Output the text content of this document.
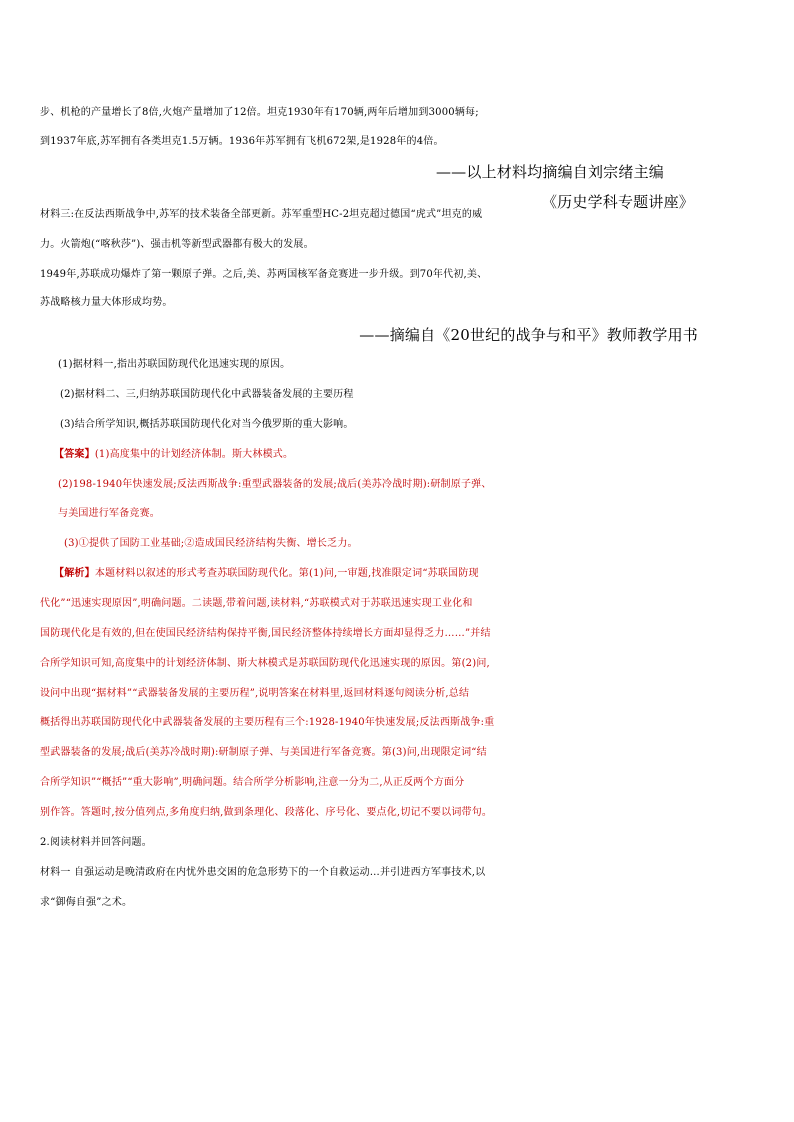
步、机枪的产量增长了8倍,火炮产量增加了12倍。坦克1930年有170辆,两年后增加到3000辆每;
到1937年底,苏军拥有各类坦克1.5万辆。1936年苏军拥有飞机672架,是1928年的4倍。
——以上材料均摘编自刘宗绪主编
《历史学科专题讲座》
材料三:在反法西斯战争中,苏军的技术装备全部更新。苏军重型HC-2坦克超过德国“虎式”坦克的威
力。火箭炮(“喀秋莎”)、强击机等新型武器都有极大的发展。
1949年,苏联成功爆炸了第一颗原子弹。之后,美、苏两国核军备竞赛进一步升级。到70年代初,美、
苏战略核力量大体形成均势。
——摘编自《20世纪的战争与和平》教师教学用书
(1)据材料一,指出苏联国防现代化迅速实现的原因。
(2)据材料二、三,归纳苏联国防现代化中武器装备发展的主要历程
(3)结合所学知识,概括苏联国防现代化对当今俄罗斯的重大影响。
【答案】(1)高度集中的计划经济体制。斯大林模式。
(2)198-1940年快速发展;反法西斯战争:重型武器装备的发展;战后(美苏冷战时期):研制原子弹、
与美国进行军备竞赛。
(3)①提供了国防工业基础;②造成国民经济结构失衡、增长乏力。
【解析】本题材料以叙述的形式考查苏联国防现代化。第(1)问,一审题,找准限定词“苏联国防现
代化”“迅速实现原因”,明确问题。二读题,带着问题,读材料,“苏联模式对于苏联迅速实现工业化和
国防现代化是有效的,但在使国民经济结构保持平衡,国民经济整体持续增长方面却显得乏力……”并结
合所学知识可知,高度集中的计划经济体制、斯大林模式是苏联国防现代化迅速实现的原因。第(2)问,
设问中出现“据材料”“武器装备发展的主要历程”,说明答案在材料里,返回材料逐句阅读分析,总结
概括得出苏联国防现代化中武器装备发展的主要历程有三个:1928-1940年快速发展;反法西斯战争:重
型武器装备的发展;战后(美苏冷战时期):研制原子弹、与美国进行军备竞赛。第(3)问,出现限定词“结
合所学知识”“概括”“重大影响”,明确问题。结合所学分析影响,注意一分为二,从正反两个方面分
别作答。答题时,按分值列点,多角度归纳,做到条理化、段落化、序号化、要点化,切记不要以词带句。
2.阅读材料并回答问题。
材料一 自强运动是晚清政府在内忧外患交困的危急形势下的一个自救运动…并引进西方军事技术,以
求“御侮自强”之术。
